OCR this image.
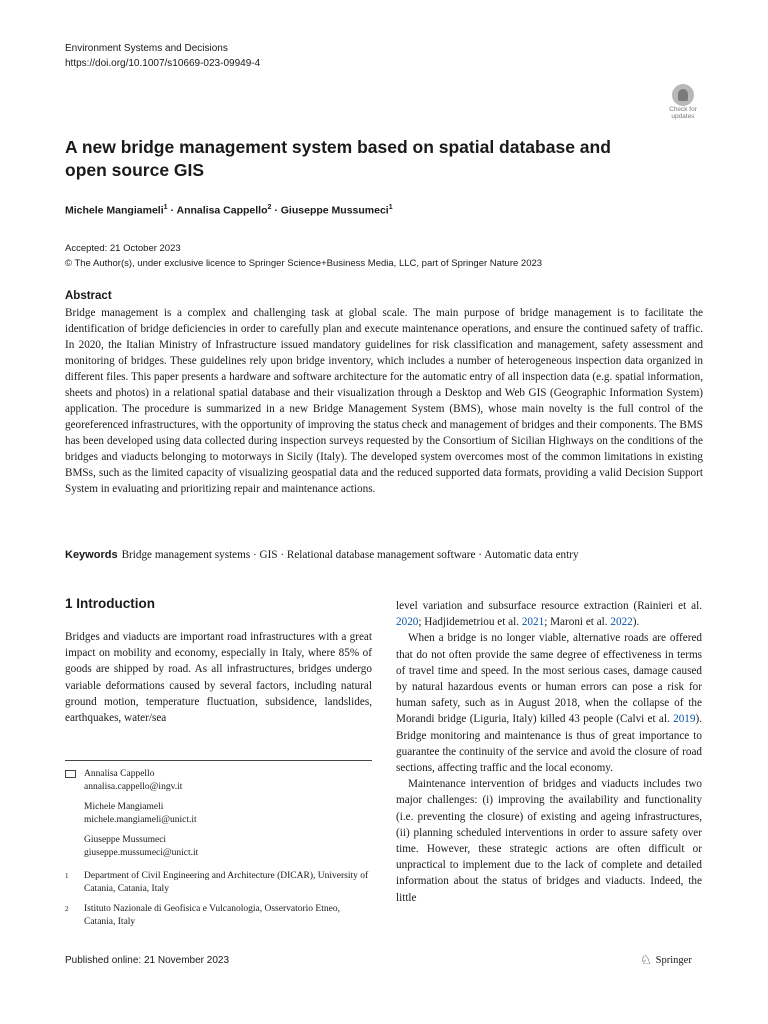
Environment Systems and Decisions
https://doi.org/10.1007/s10669-023-09949-4
Check for
updates
A new bridge management system based on spatial database and open source GIS
Michele Mangiameli$^1$ · Annalisa Cappello$^2$ · Giuseppe Mussumeci$^1$
Accepted: 21 October 2023
© The Author(s), under exclusive licence to Springer Science+Business Media, LLC, part of Springer Nature 2023
Abstract

Bridge management is a complex and challenging task at global scale. The main purpose of bridge management is to facilitate the identification of bridge deficiencies in order to carefully plan and execute maintenance operations, and ensure the continued safety of traffic. In 2020, the Italian Ministry of Infrastructure issued mandatory guidelines for risk classification and management, safety assessment and monitoring of bridges. These guidelines rely upon bridge inventory, which includes a number of heterogeneous inspection data organized in different files. This paper presents a hardware and software architecture for the automatic entry of all inspection data (e.g. spatial information, sheets and photos) in a relational spatial database and their visualization through a Desktop and Web GIS (Geographic Information System) application. The procedure is summarized in a new Bridge Management System (BMS), whose main novelty is the full control of the georeferenced infrastructures, with the opportunity of improving the status check and management of bridges and their components. The BMS has been developed using data collected during inspection surveys requested by the Consortium of Sicilian Highways on the conditions of the bridges and viaducts belonging to motorways in Sicily (Italy). The developed system overcomes most of the common limitations in existing BMSs, such as the limited capacity of visualizing geospatial data and the reduced supported data formats, providing a valid Decision Support System in evaluating and prioritizing repair and maintenance actions.

Keywords Bridge management systems · GIS · Relational database management software · Automatic data entry
1 Introduction

Bridges and viaducts are important road infrastructures with a great impact on mobility and economy, especially in Italy, where 85% of goods are shipped by road. As all infrastructures, bridges undergo variable deformations caused by several factors, including natural ground motion, temperature fluctuation, subsidence, landslides, earthquakes, water/sea

level variation and subsurface resource extraction (Rainieri et al. 2020; Hadjidemetriou et al. 2021; Maroni et al. 2022).

When a bridge is no longer viable, alternative roads are offered that do not often provide the same degree of effectiveness in terms of travel time and speed. In the most serious cases, damage caused by natural hazardous events or human errors can pose a risk for human safety, such as in August 2018, when the collapse of the Morandi bridge (Liguria, Italy) killed 43 people (Calvi et al. 2019). Bridge monitoring and maintenance is thus of great importance to guarantee the continuity of the service and avoid the closure of road sections, affecting traffic and the local economy.

Maintenance intervention of bridges and viaducts includes two major challenges: (i) improving the availability and functionality (i.e. preventing the closure) of existing and ageing infrastructures, (ii) planning scheduled interventions in order to assure safety over time. However, these strategic actions are often difficult or unpractical to implement due to the lack of complete and detailed information about the status of bridges and viaducts. Indeed, the little

Annalisa Cappello
annalisa.cappello@ingv.it
Michele Mangiameli
michele.mangiameli@unict.it
Giuseppe Mussumeci
giuseppe.mussumeci@unict.it
1 Department of Civil Engineering and Architecture (DICAR), University of Catania, Catania, Italy
2 Istituto Nazionale di Geofisica e Vulcanologia, Osservatorio Etneo, Catania, Italy
Published online: 21 November 2023	♘ Springer
